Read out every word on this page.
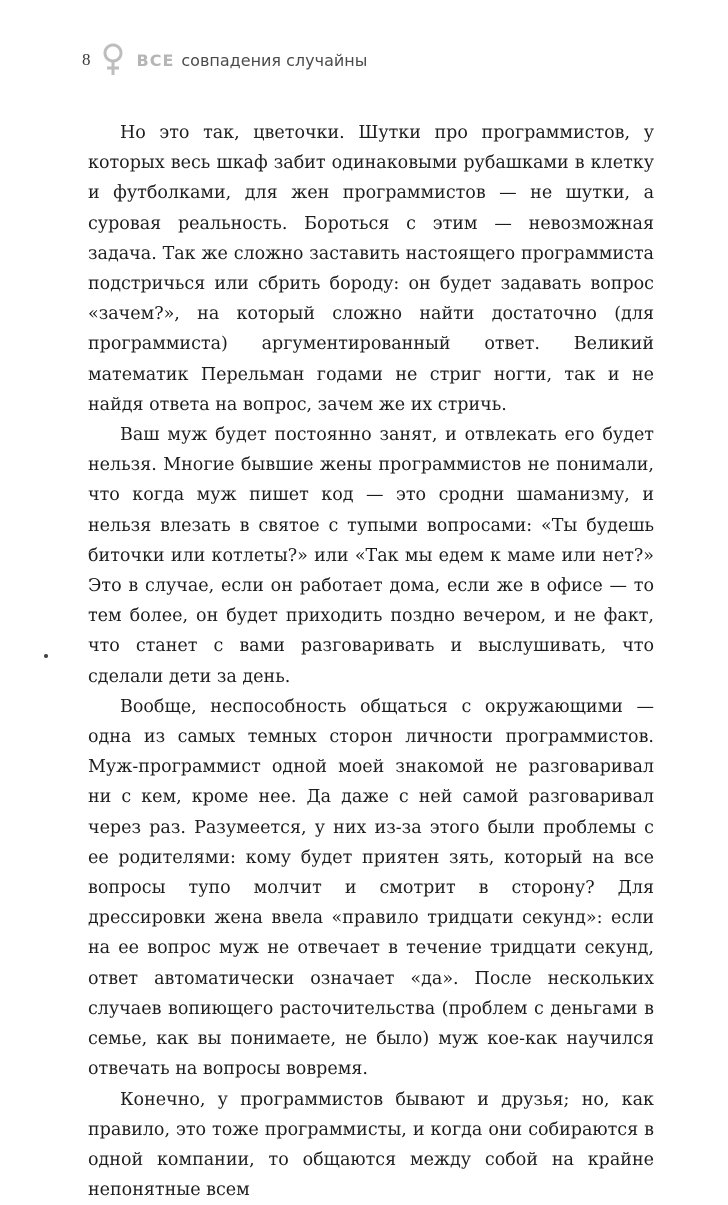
8	ВСЕ совпадения случайны

Но это так, цветочки. Шутки про программистов, у которых весь шкаф забит одинаковыми рубашками в клетку и футболками, для жен программистов — не шутки, а суровая реальность. Бороться с этим — невозможная задача. Так же сложно заставить настоящего программиста подстричься или сбрить бороду: он будет задавать вопрос «зачем?», на который сложно найти достаточно (для программиста) аргументированный ответ. Великий математик Перельман годами не стриг ногти, так и не найдя ответа на вопрос, зачем же их стричь.

Ваш муж будет постоянно занят, и отвлекать его будет нельзя. Многие бывшие жены программистов не понимали, что когда муж пишет код — это сродни шаманизму, и нельзя влезать в святое с тупыми вопросами: «Ты будешь биточки или котлеты?» или «Так мы едем к маме или нет?» Это в случае, если он работает дома, если же в офисе — то тем более, он будет приходить поздно вечером, и не факт, что станет с вами разговаривать и выслушивать, что сделали дети за день.

Вообще, неспособность общаться с окружающими — одна из самых темных сторон личности программистов. Муж-программист одной моей знакомой не разговаривал ни с кем, кроме нее. Да даже с ней самой разговаривал через раз. Разумеется, у них из-за этого были проблемы с ее родителями: кому будет приятен зять, который на все вопросы тупо молчит и смотрит в сторону? Для дрессировки жена ввела «правило тридцати секунд»: если на ее вопрос муж не отвечает в течение тридцати секунд, ответ автоматически означает «да». После нескольких случаев вопиющего расточительства (проблем с деньгами в семье, как вы понимаете, не было) муж кое-как научился отвечать на вопросы вовремя.

Конечно, у программистов бывают и друзья; но, как правило, это тоже программисты, и когда они собираются в одной компании, то общаются между собой на крайне непонятные всем
